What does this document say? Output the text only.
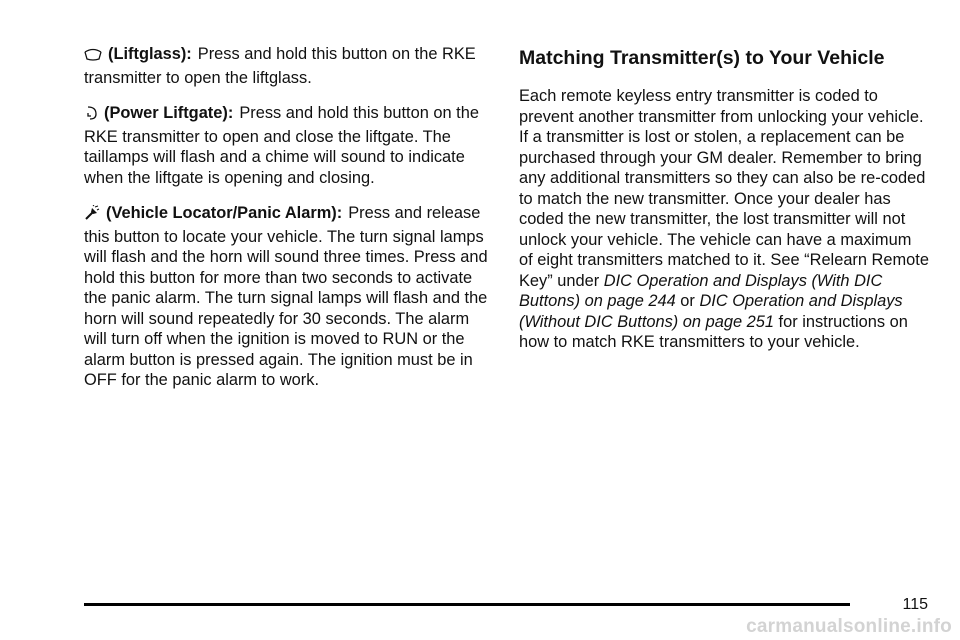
(Liftglass): Press and hold this button on the RKE transmitter to open the liftglass.

(Power Liftgate): Press and hold this button on the RKE transmitter to open and close the liftgate. The taillamps will flash and a chime will sound to indicate when the liftgate is opening and closing.

(Vehicle Locator/Panic Alarm): Press and release this button to locate your vehicle. The turn signal lamps will flash and the horn will sound three times. Press and hold this button for more than two seconds to activate the panic alarm. The turn signal lamps will flash and the horn will sound repeatedly for 30 seconds. The alarm will turn off when the ignition is moved to RUN or the alarm button is pressed again. The ignition must be in OFF for the panic alarm to work.

Matching Transmitter(s) to Your Vehicle

Each remote keyless entry transmitter is coded to prevent another transmitter from unlocking your vehicle. If a transmitter is lost or stolen, a replacement can be purchased through your GM dealer. Remember to bring any additional transmitters so they can also be re-coded to match the new transmitter. Once your dealer has coded the new transmitter, the lost transmitter will not unlock your vehicle. The vehicle can have a maximum of eight transmitters matched to it. See “Relearn Remote Key” under DIC Operation and Displays (With DIC Buttons) on page 244 or DIC Operation and Displays (Without DIC Buttons) on page 251 for instructions on how to match RKE transmitters to your vehicle.

115
carmanualsonline.info
